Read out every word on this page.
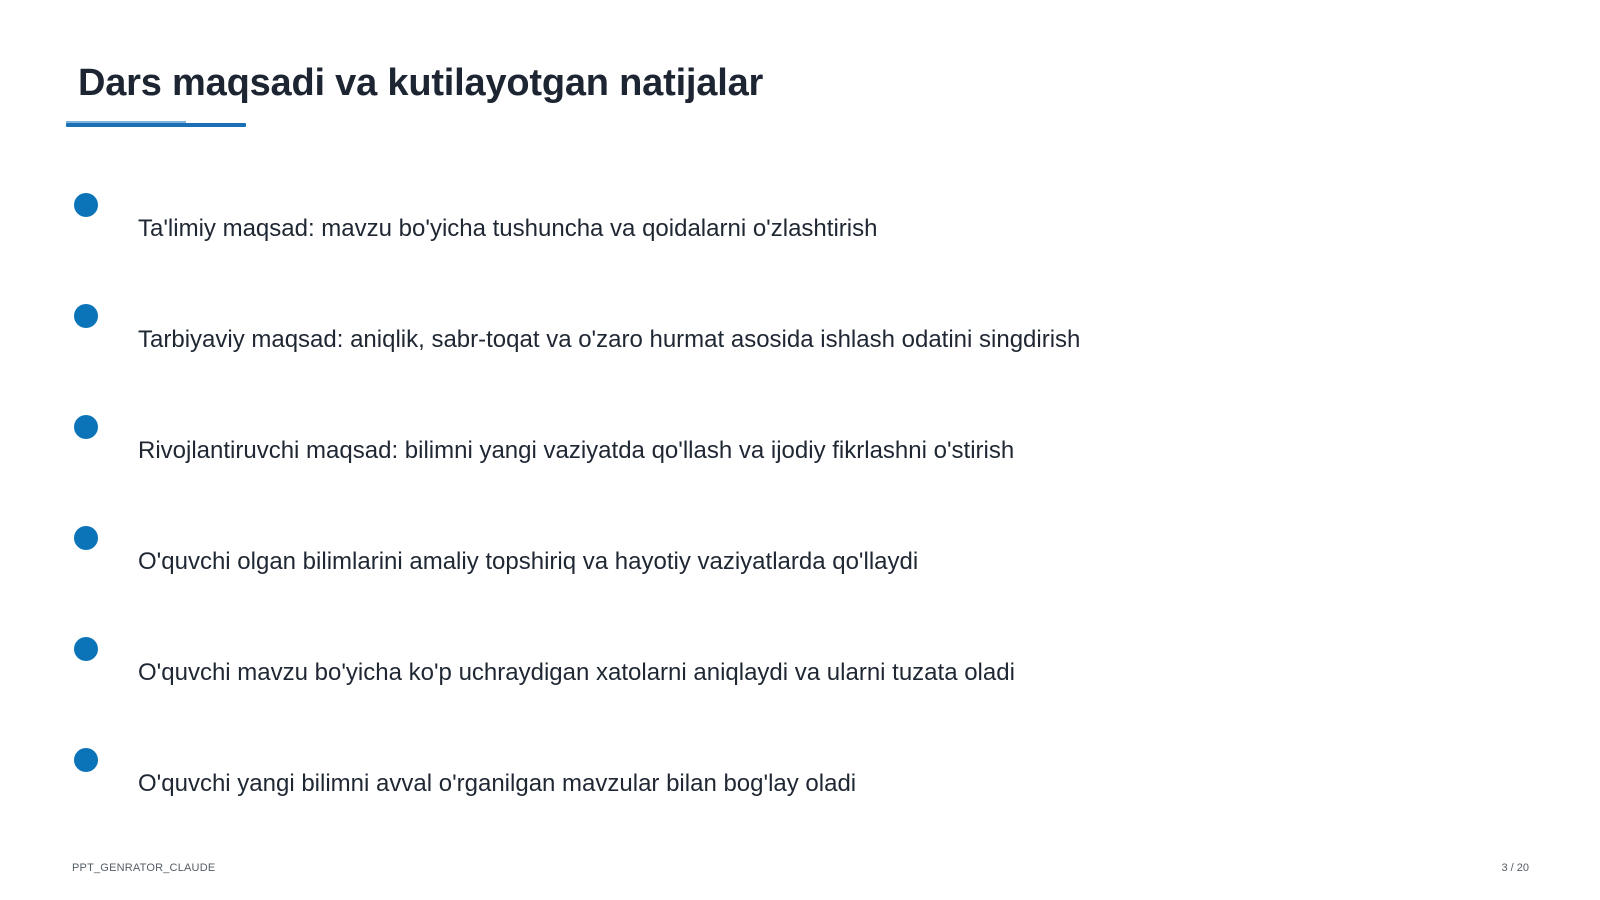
Dars maqsadi va kutilayotgan natijalar
Ta'limiy maqsad: mavzu bo'yicha tushuncha va qoidalarni o'zlashtirish
Tarbiyaviy maqsad: aniqlik, sabr-toqat va o'zaro hurmat asosida ishlash odatini singdirish
Rivojlantiruvchi maqsad: bilimni yangi vaziyatda qo'llash va ijodiy fikrlashni o'stirish
O'quvchi olgan bilimlarini amaliy topshiriq va hayotiy vaziyatlarda qo'llaydi
O'quvchi mavzu bo'yicha ko'p uchraydigan xatolarni aniqlaydi va ularni tuzata oladi
O'quvchi yangi bilimni avval o'rganilgan mavzular bilan bog'lay oladi
PPT_GENRATOR_CLAUDE	3 / 20
